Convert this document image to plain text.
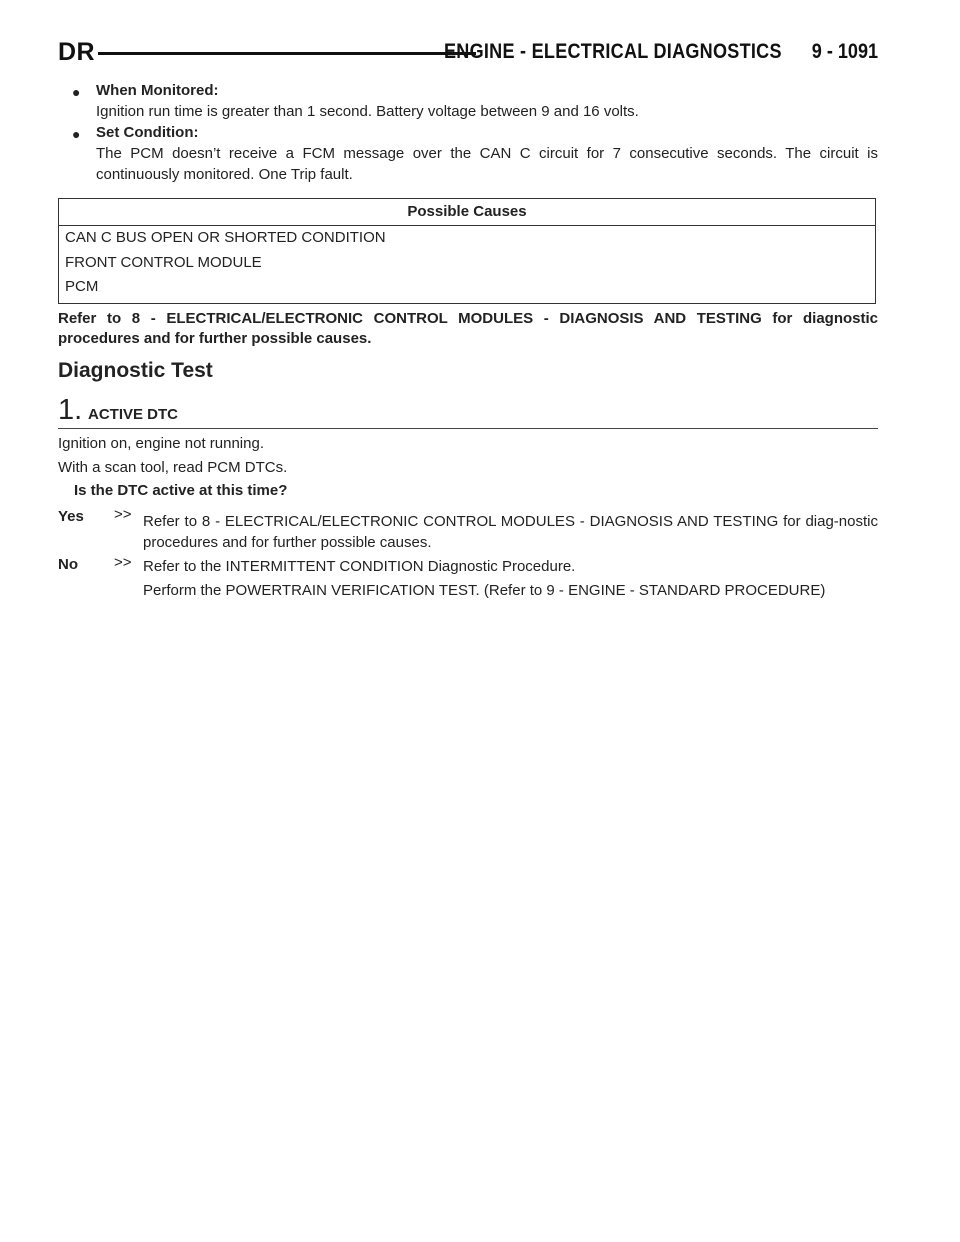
DR	ENGINE - ELECTRICAL DIAGNOSTICS 9 - 1091
● When Monitored:
Ignition run time is greater than 1 second. Battery voltage between 9 and 16 volts.
● Set Condition:
The PCM doesn’t receive a FCM message over the CAN C circuit for 7 consecutive seconds. The circuit is continuously monitored. One Trip fault.
Possible Causes
CAN C BUS OPEN OR SHORTED CONDITION
FRONT CONTROL MODULE
PCM
Refer to 8 - ELECTRICAL/ELECTRONIC CONTROL MODULES - DIAGNOSIS AND TESTING for diagnostic procedures and for further possible causes.
Diagnostic Test
1. ACTIVE DTC
Ignition on, engine not running.
With a scan tool, read PCM DTCs.
Is the DTC active at this time?
Yes >> Refer to 8 - ELECTRICAL/ELECTRONIC CONTROL MODULES - DIAGNOSIS AND TESTING for diag-nostic procedures and for further possible causes.
No >> Refer to the INTERMITTENT CONDITION Diagnostic Procedure.
Perform the POWERTRAIN VERIFICATION TEST. (Refer to 9 - ENGINE - STANDARD PROCEDURE)
